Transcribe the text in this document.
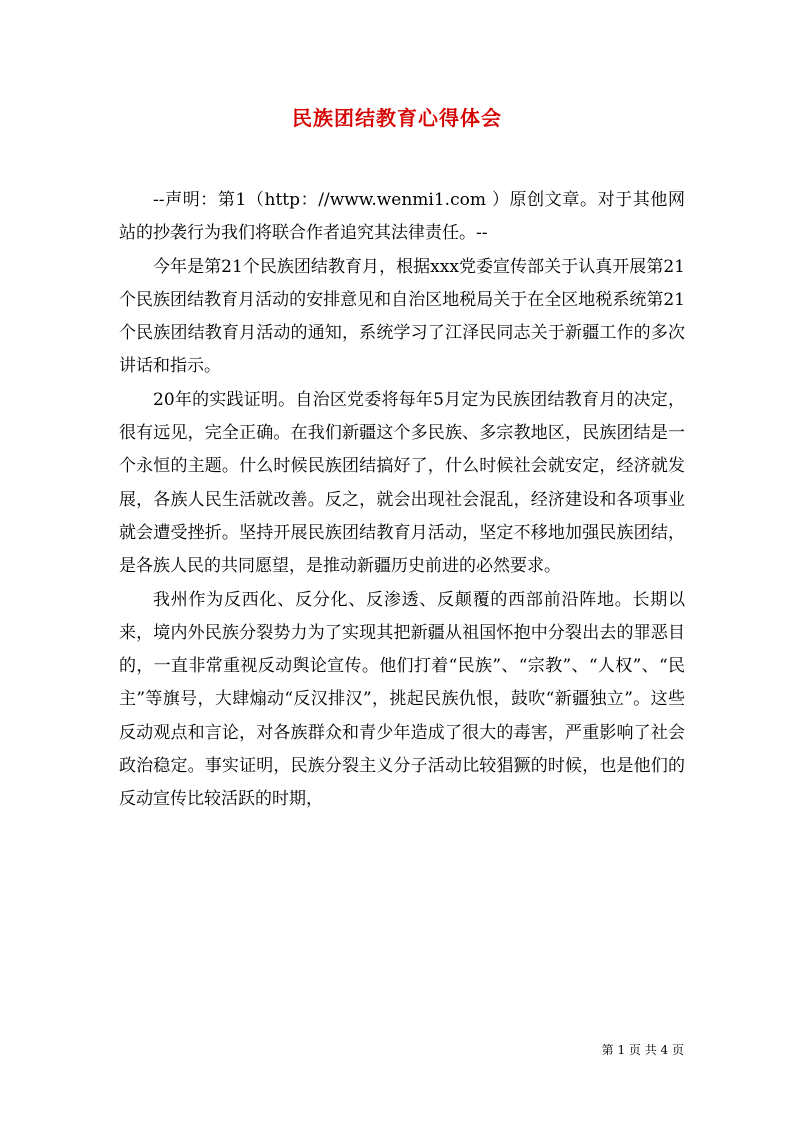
民族团结教育心得体会

--声明：第1（http：//www.wenmi1.com ）原创文章。对于其他网站的抄袭行为我们将联合作者追究其法律责任。--

今年是第21个民族团结教育月，根据xxx党委宣传部关于认真开展第21个民族团结教育月活动的安排意见和自治区地税局关于在全区地税系统第21个民族团结教育月活动的通知，系统学习了江泽民同志关于新疆工作的多次讲话和指示。

20年的实践证明。自治区党委将每年5月定为民族团结教育月的决定，很有远见，完全正确。在我们新疆这个多民族、多宗教地区，民族团结是一个永恒的主题。什么时候民族团结搞好了，什么时候社会就安定，经济就发展，各族人民生活就改善。反之，就会出现社会混乱，经济建设和各项事业就会遭受挫折。坚持开展民族团结教育月活动，坚定不移地加强民族团结，是各族人民的共同愿望，是推动新疆历史前进的必然要求。

我州作为反西化、反分化、反渗透、反颠覆的西部前沿阵地。长期以来，境内外民族分裂势力为了实现其把新疆从祖国怀抱中分裂出去的罪恶目的，一直非常重视反动舆论宣传。他们打着“民族”、“宗教”、“人权”、“民主”等旗号，大肆煽动“反汉排汉”，挑起民族仇恨，鼓吹“新疆独立”。这些反动观点和言论，对各族群众和青少年造成了很大的毒害，严重影响了社会政治稳定。事实证明，民族分裂主义分子活动比较猖獗的时候，也是他们的反动宣传比较活跃的时期，

第 1 页 共 4 页
